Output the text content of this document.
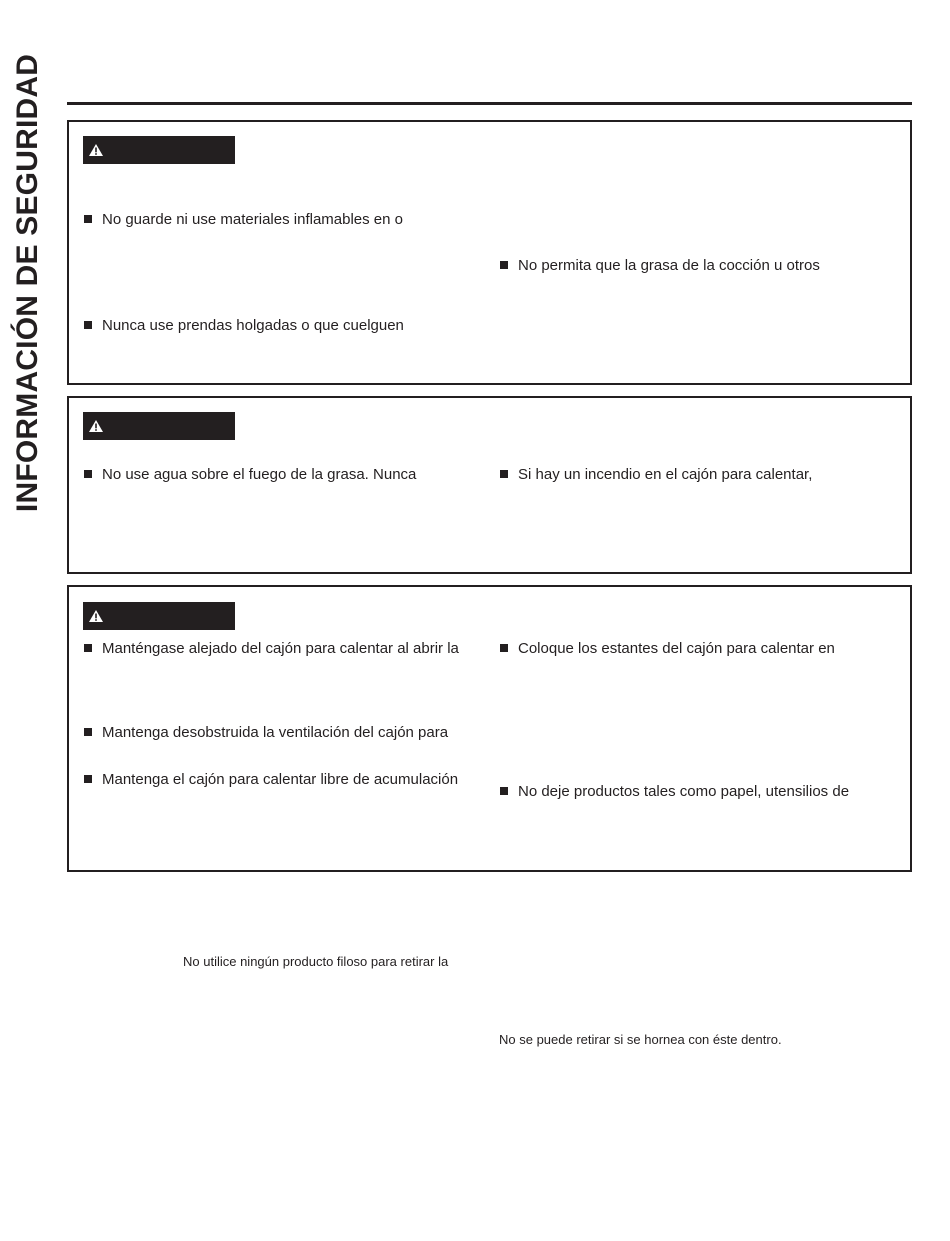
INFORMACIÓN DE SEGURIDAD	No guarde ni use materiales inflamables en o
No permita que la grasa de la cocción u otros
Nunca use prendas holgadas o que cuelguen
No use agua sobre el fuego de la grasa. Nunca	Si hay un incendio en el cajón para calentar,
Manténgase alejado del cajón para calentar al abrir la	Coloque los estantes del cajón para calentar en
Mantenga desobstruida la ventilación del cajón para
Mantenga el cajón para calentar libre de acumulación
No deje productos tales como papel, utensilios de
No utilice ningún producto filoso para retirar la
No se puede retirar si se hornea con éste dentro.
